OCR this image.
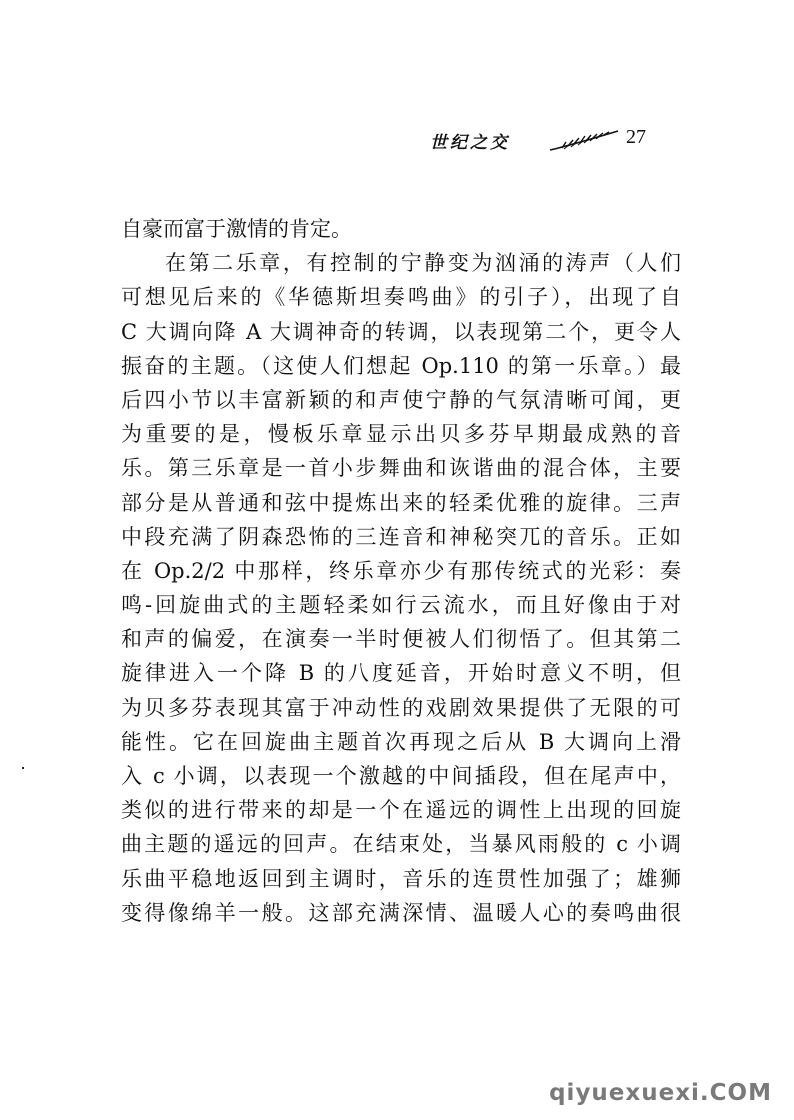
世纪之交	27
自豪而富于激情的肯定。
在第二乐章，有控制的宁静变为汹涌的涛声（人们
可想见后来的《华德斯坦奏鸣曲》的引子），出现了自
C 大调向降 A 大调神奇的转调，以表现第二个，更令人
振奋的主题。（这使人们想起 Op.110 的第一乐章。）最
后四小节以丰富新颖的和声使宁静的气氛清晰可闻，更
为重要的是，慢板乐章显示出贝多芬早期最成熟的音
乐。第三乐章是一首小步舞曲和诙谐曲的混合体，主要
部分是从普通和弦中提炼出来的轻柔优雅的旋律。三声
中段充满了阴森恐怖的三连音和神秘突兀的音乐。正如
在 Op.2/2 中那样，终乐章亦少有那传统式的光彩：奏
鸣-回旋曲式的主题轻柔如行云流水，而且好像由于对
和声的偏爱，在演奏一半时便被人们彻悟了。但其第二
旋律进入一个降 B 的八度延音，开始时意义不明，但
为贝多芬表现其富于冲动性的戏剧效果提供了无限的可
能性。它在回旋曲主题首次再现之后从 B 大调向上滑
入 c 小调，以表现一个激越的中间插段，但在尾声中，
类似的进行带来的却是一个在遥远的调性上出现的回旋
曲主题的遥远的回声。在结束处，当暴风雨般的 c 小调
乐曲平稳地返回到主调时，音乐的连贯性加强了；雄狮
变得像绵羊一般。这部充满深情、温暖人心的奏鸣曲很
qiyuexuexi.COM
